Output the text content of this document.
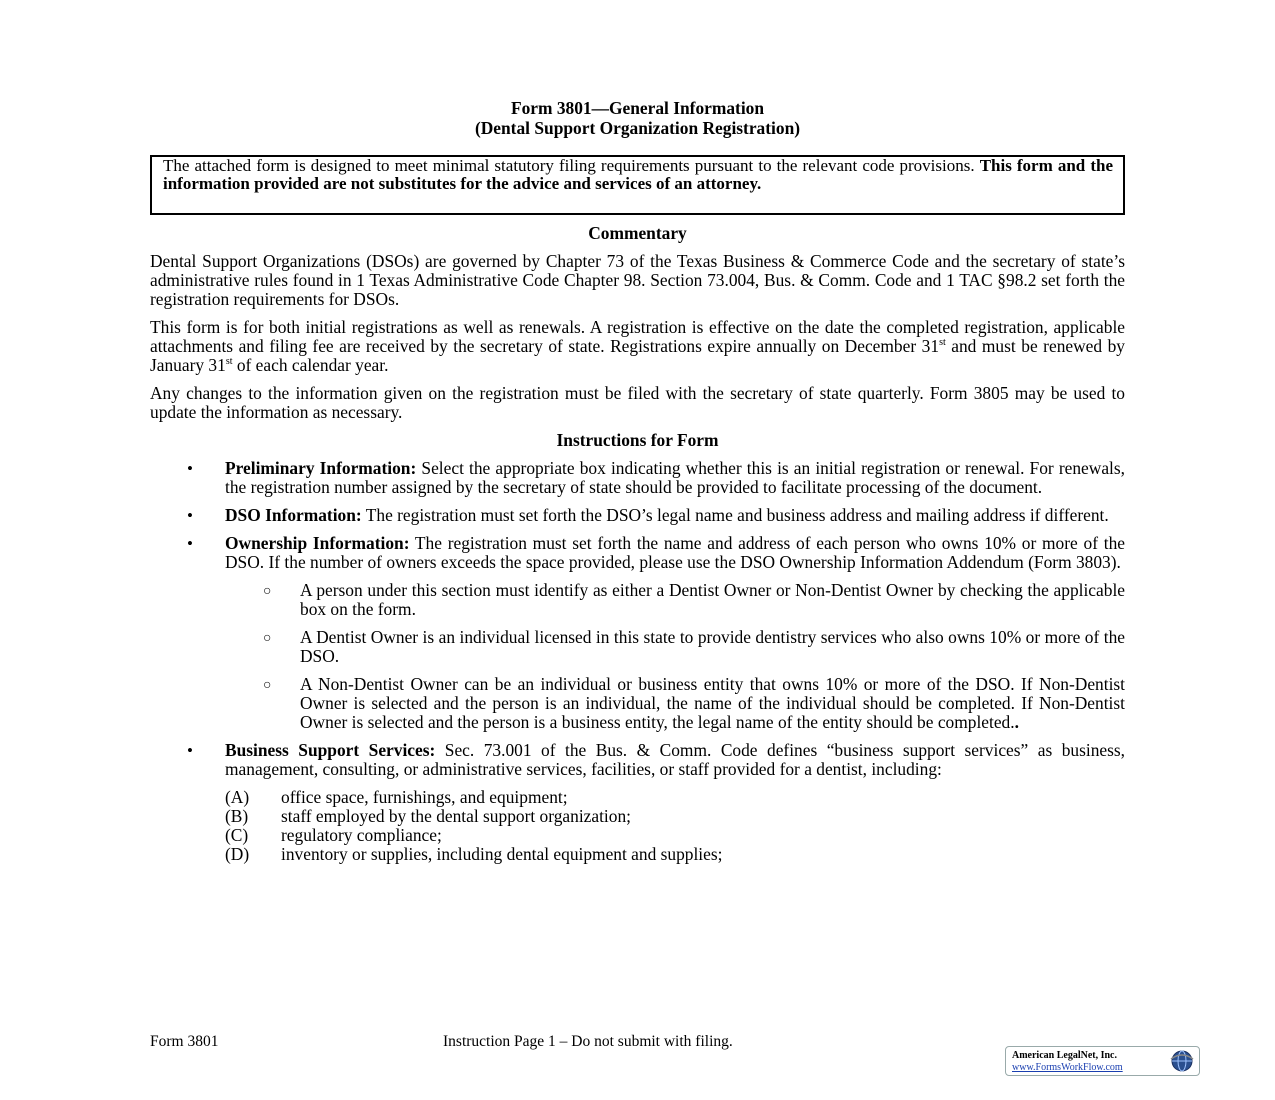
Form 3801—General Information
(Dental Support Organization Registration)
The attached form is designed to meet minimal statutory filing requirements pursuant to the relevant code provisions. This form and the information provided are not substitutes for the advice and services of an attorney.
Commentary

Dental Support Organizations (DSOs) are governed by Chapter 73 of the Texas Business & Commerce Code and the secretary of state’s administrative rules found in 1 Texas Administrative Code Chapter 98. Section 73.004, Bus. & Comm. Code and 1 TAC §98.2 set forth the registration requirements for DSOs.

This form is for both initial registrations as well as renewals. A registration is effective on the date the completed registration, applicable attachments and filing fee are received by the secretary of state. Registrations expire annually on December 31st and must be renewed by January 31st of each calendar year.

Any changes to the information given on the registration must be filed with the secretary of state quarterly. Form 3805 may be used to update the information as necessary.

Instructions for Form
• Preliminary Information: Select the appropriate box indicating whether this is an initial registration or renewal. For renewals, the registration number assigned by the secretary of state should be provided to facilitate processing of the document.
• DSO Information: The registration must set forth the DSO’s legal name and business address and mailing address if different.
• Ownership Information: The registration must set forth the name and address of each person who owns 10% or more of the DSO. If the number of owners exceeds the space provided, please use the DSO Ownership Information Addendum (Form 3803).
○ A person under this section must identify as either a Dentist Owner or Non-Dentist Owner by checking the applicable box on the form.
○ A Dentist Owner is an individual licensed in this state to provide dentistry services who also owns 10% or more of the DSO.
○ A Non-Dentist Owner can be an individual or business entity that owns 10% or more of the DSO. If Non-Dentist Owner is selected and the person is an individual, the name of the individual should be completed. If Non-Dentist Owner is selected and the person is a business entity, the legal name of the entity should be completed..
• Business Support Services: Sec. 73.001 of the Bus. & Comm. Code defines “business support services” as business, management, consulting, or administrative services, facilities, or staff provided for a dentist, including:
(A)	office space, furnishings, and equipment;
(B)	staff employed by the dental support organization;
(C)	regulatory compliance;
(D)	inventory or supplies, including dental equipment and supplies;
Form 3801	Instruction Page 1 – Do not submit with filing.
American LegalNet, Inc.
www.FormsWorkFlow.com
